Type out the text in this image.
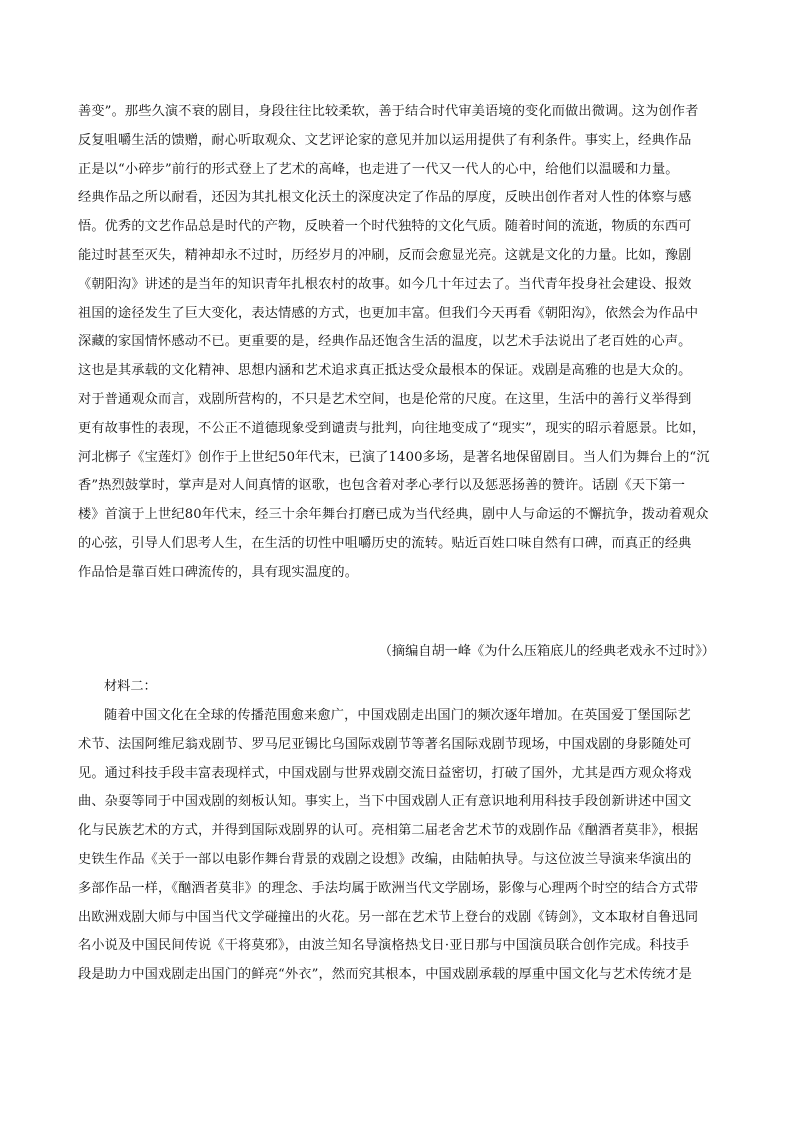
善变”。那些久演不衰的剧目，身段往往比较柔软，善于结合时代审美语境的变化而做出微调。这为创作者
反复咀嚼生活的馈赠，耐心听取观众、文艺评论家的意见并加以运用提供了有利条件。事实上，经典作品
正是以“小碎步”前行的形式登上了艺术的高峰，也走进了一代又一代人的心中，给他们以温暖和力量。
经典作品之所以耐看，还因为其扎根文化沃土的深度决定了作品的厚度，反映出创作者对人性的体察与感
悟。优秀的文艺作品总是时代的产物，反映着一个时代独特的文化气质。随着时间的流逝，物质的东西可
能过时甚至灭失，精神却永不过时，历经岁月的冲刷，反而会愈显光亮。这就是文化的力量。比如，豫剧
《朝阳沟》讲述的是当年的知识青年扎根农村的故事。如今几十年过去了。当代青年投身社会建设、报效
祖国的途径发生了巨大变化，表达情感的方式，也更加丰富。但我们今天再看《朝阳沟》，依然会为作品中
深藏的家国情怀感动不已。更重要的是，经典作品还饱含生活的温度，以艺术手法说出了老百姓的心声。
这也是其承载的文化精神、思想内涵和艺术追求真正抵达受众最根本的保证。戏剧是高雅的也是大众的。
对于普通观众而言，戏剧所营构的，不只是艺术空间，也是伦常的尺度。在这里，生活中的善行义举得到
更有故事性的表现，不公正不道德现象受到谴责与批判，向往地变成了“现实”，现实的昭示着愿景。比如，
河北梆子《宝莲灯》创作于上世纪50年代末，已演了1400多场，是著名地保留剧目。当人们为舞台上的“沉
香”热烈鼓掌时，掌声是对人间真情的讴歌，也包含着对孝心孝行以及惩恶扬善的赞许。话剧《天下第一
楼》首演于上世纪80年代末，经三十余年舞台打磨已成为当代经典，剧中人与命运的不懈抗争，拨动着观众
的心弦，引导人们思考人生，在生活的切性中咀嚼历史的流转。贴近百姓口味自然有口碑，而真正的经典
作品恰是靠百姓口碑流传的，具有现实温度的。
（摘编自胡一峰《为什么压箱底儿的经典老戏永不过时》）
材料二：
随着中国文化在全球的传播范围愈来愈广，中国戏剧走出国门的频次逐年增加。在英国爱丁堡国际艺
术节、法国阿维尼翁戏剧节、罗马尼亚锡比乌国际戏剧节等著名国际戏剧节现场，中国戏剧的身影随处可
见。通过科技手段丰富表现样式，中国戏剧与世界戏剧交流日益密切，打破了国外，尤其是西方观众将戏
曲、杂耍等同于中国戏剧的刻板认知。事实上，当下中国戏剧人正有意识地利用科技手段创新讲述中国文
化与民族艺术的方式，并得到国际戏剧界的认可。亮相第二届老舍艺术节的戏剧作品《酗酒者莫非》，根据
史铁生作品《关于一部以电影作舞台背景的戏剧之设想》改编，由陆帕执导。与这位波兰导演来华演出的
多部作品一样，《酗酒者莫非》的理念、手法均属于欧洲当代文学剧场，影像与心理两个时空的结合方式带
出欧洲戏剧大师与中国当代文学碰撞出的火花。另一部在艺术节上登台的戏剧《铸剑》，文本取材自鲁迅同
名小说及中国民间传说《干将莫邪》，由波兰知名导演格热戈日·亚日那与中国演员联合创作完成。科技手
段是助力中国戏剧走出国门的鲜亮“外衣”，然而究其根本，中国戏剧承载的厚重中国文化与艺术传统才是
